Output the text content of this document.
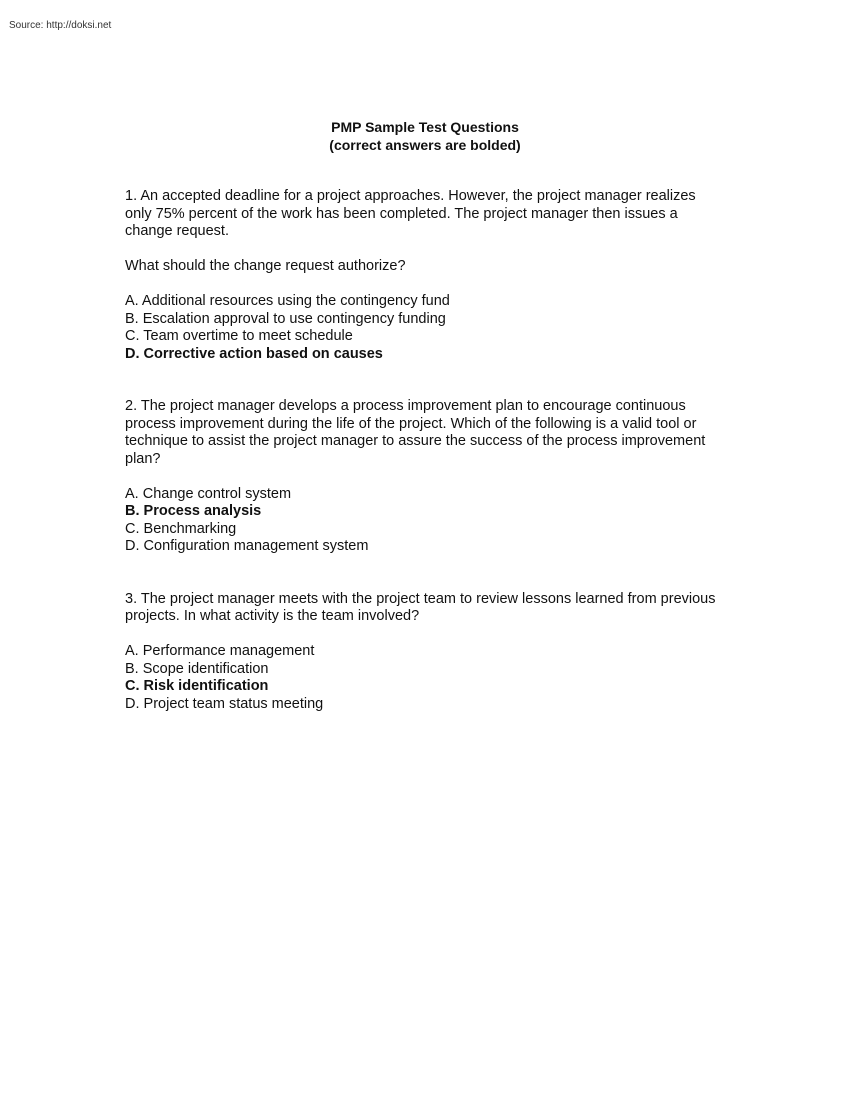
Source: http://doksi.net
PMP Sample Test Questions
(correct answers are bolded)

1. An accepted deadline for a project approaches. However, the project manager realizes only 75% percent of the work has been completed. The project manager then issues a change request.

What should the change request authorize?

A. Additional resources using the contingency fund
B. Escalation approval to use contingency funding
C. Team overtime to meet schedule
D. Corrective action based on causes

2. The project manager develops a process improvement plan to encourage continuous process improvement during the life of the project. Which of the following is a valid tool or technique to assist the project manager to assure the success of the process improvement plan?

A. Change control system
B. Process analysis
C. Benchmarking
D. Configuration management system

3. The project manager meets with the project team to review lessons learned from previous projects. In what activity is the team involved?

A. Performance management
B. Scope identification
C. Risk identification
D. Project team status meeting
